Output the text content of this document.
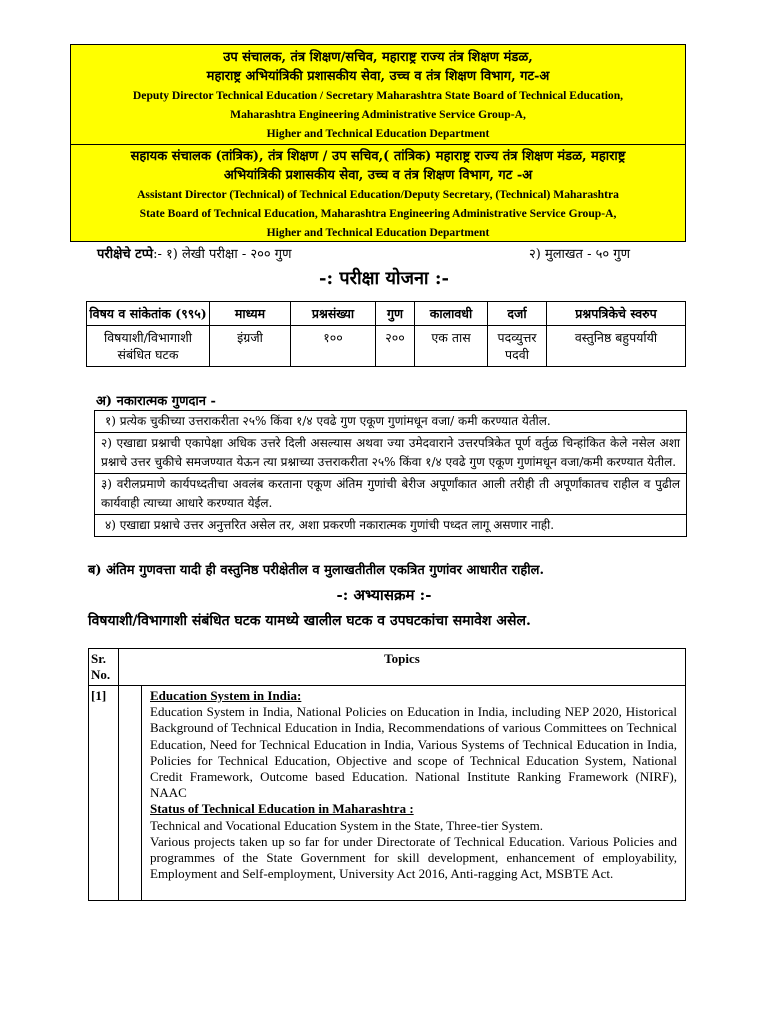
उप संचालक, तंत्र शिक्षण/सचिव, महाराष्ट्र राज्य तंत्र शिक्षण मंडळ,
महाराष्ट्र अभियांत्रिकी प्रशासकीय सेवा, उच्च व तंत्र शिक्षण विभाग, गट-अ
Deputy Director Technical Education / Secretary Maharashtra State Board of Technical Education,
Maharashtra Engineering Administrative Service Group-A,
Higher and Technical Education Department
सहायक संचालक (तांत्रिक), तंत्र शिक्षण / उप सचिव,( तांत्रिक) महाराष्ट्र राज्य तंत्र शिक्षण मंडळ, महाराष्ट्र
अभियांत्रिकी प्रशासकीय सेवा, उच्च व तंत्र शिक्षण विभाग, गट -अ
Assistant Director (Technical) of Technical Education/Deputy Secretary, (Technical) Maharashtra
State Board of Technical Education, Maharashtra Engineering Administrative Service Group-A,
Higher and Technical Education Department
परीक्षेचे टप्पे:- १) लेखी परीक्षा - २०० गुण	२) मुलाखत - ५० गुण
-: परीक्षा योजना :-
विषय व सांकेतांक (९९५)	माध्यम	प्रश्नसंख्या	गुण	कालावधी	दर्जा	प्रश्नपत्रिकेचे स्वरुप
विषयाशी/विभागाशी संबंधित घटक	इंग्रजी	१००	२००	एक तास	पदव्युत्तर पदवी	वस्तुनिष्ठ बहुपर्यायी
अ) नकारात्मक गुणदान -
१) प्रत्येक चुकीच्या उत्तराकरीता २५% किंवा १/४ एवढे गुण एकूण गुणांमधून वजा/ कमी करण्यात येतील.
२) एखाद्या प्रश्नाची एकापेक्षा अधिक उत्तरे दिली असल्यास अथवा ज्या उमेदवाराने उत्तरपत्रिकेत पूर्ण वर्तुळ चिन्हांकित केले नसेल अशा प्रश्नाचे उत्तर चुकीचे समजण्यात येऊन त्या प्रश्नाच्या उत्तराकरीता २५% किंवा १/४ एवढे गुण एकूण गुणांमधून वजा/कमी करण्यात येतील.
३) वरीलप्रमाणे कार्यपध्दतीचा अवलंब करताना एकूण अंतिम गुणांची बेरीज अपूर्णांकात आली तरीही ती अपूर्णांकातच राहील व पुढील कार्यवाही त्याच्या आधारे करण्यात येईल.
४) एखाद्या प्रश्नाचे उत्तर अनुत्तरित असेल तर, अशा प्रकरणी नकारात्मक गुणांची पध्दत लागू असणार नाही.
ब) अंतिम गुणवत्ता यादी ही वस्तुनिष्ठ परीक्षेतील व मुलाखतीतील एकत्रित गुणांवर आधारीत राहील.
-: अभ्यासक्रम :-
विषयाशी/विभागाशी संबंधित घटक यामध्ये खालील घटक व उपघटकांचा समावेश असेल.
Sr. No.	Topics	
[1]		Education System in India:

Education System in India, National Policies on Education in India, including NEP 2020, Historical Background of Technical Education in India, Recommendations of various Committees on Technical Education, Need for Technical Education in India, Various Systems of Technical Education in India, Policies for Technical Education, Objective and scope of Technical Education System, National Credit Framework, Outcome based Education. National Institute Ranking Framework (NIRF), NAAC

Status of Technical Education in Maharashtra :

Technical and Vocational Education System in the State, Three-tier System.

Various projects taken up so far for under Directorate of Technical Education. Various Policies and programmes of the State Government for skill development, enhancement of employability, Employment and Self-employment, University Act 2016, Anti-ragging Act, MSBTE Act.
